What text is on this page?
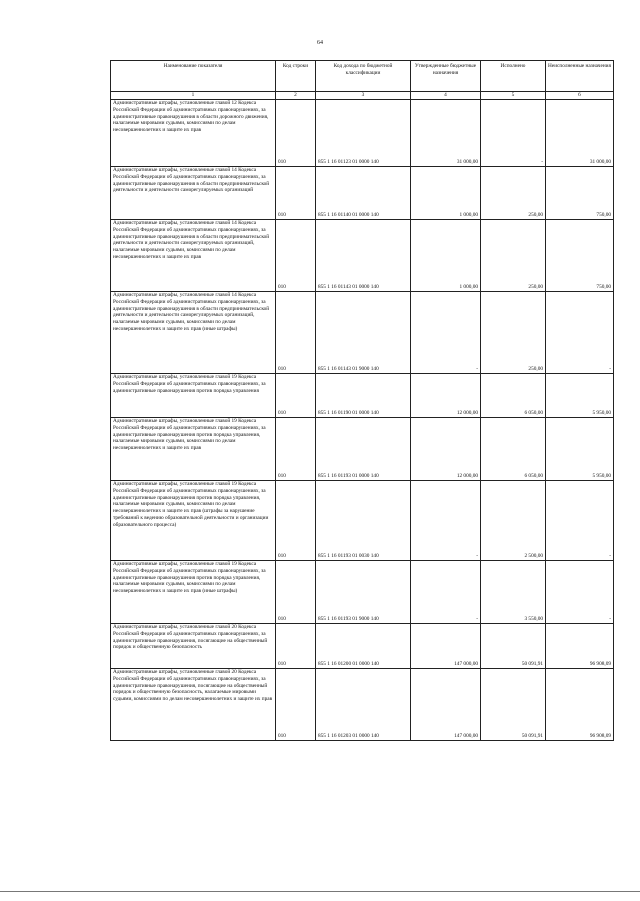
64
Наименование показателя	Код строки	Код дохода по бюджетной классификации	Утвержденные бюджетные назначения	Исполнено	Неисполненные назначения
1	2	3	4	5	6
Административные штрафы, установленные главой 12 Кодекса Российской Федерации об административных правонарушениях, за административные правонарушения в области дорожного движения, налагаемые мировыми судьями, комиссиями по делам несовершеннолетних и защите их прав	010	855 1 16 01123 01 0000 140	31 000,00	-	31 000,00
Административные штрафы, установленные главой 14 Кодекса Российской Федерации об административных правонарушениях, за административные правонарушения в области предпринимательской деятельности и деятельности саморегулируемых организаций	010	855 1 16 01140 01 0000 140	1 000,00	250,00	750,00
Административные штрафы, установленные главой 14 Кодекса Российской Федерации об административных правонарушениях, за административные правонарушения в области предпринимательской деятельности и деятельности саморегулируемых организаций, налагаемые мировыми судьями, комиссиями по делам несовершеннолетних и защите их прав	010	855 1 16 01143 01 0000 140	1 000,00	250,00	750,00
Административные штрафы, установленные главой 14 Кодекса Российской Федерации об административных правонарушениях, за административные правонарушения в области предпринимательской деятельности и деятельности саморегулируемых организаций, налагаемые мировыми судьями, комиссиями по делам несовершеннолетних и защите их прав (иные штрафы)	010	855 1 16 01143 01 9000 140	-	250,00	-
Административные штрафы, установленные главой 19 Кодекса Российской Федерации об административных правонарушениях, за административные правонарушения против порядка управления	010	855 1 16 01190 01 0000 140	12 000,00	6 050,00	5 950,00
Административные штрафы, установленные главой 19 Кодекса Российской Федерации об административных правонарушениях, за административные правонарушения против порядка управления, налагаемые мировыми судьями, комиссиями по делам несовершеннолетних и защите их прав	010	855 1 16 01193 01 0000 140	12 000,00	6 050,00	5 950,00
Административные штрафы, установленные главой 19 Кодекса Российской Федерации об административных правонарушениях, за административные правонарушения против порядка управления, налагаемые мировыми судьями, комиссиями по делам несовершеннолетних и защите их прав (штрафы за нарушение требований к ведению образовательной деятельности и организации образовательного процесса)	010	855 1 16 01193 01 0030 140	-	2 500,00	-
Административные штрафы, установленные главой 19 Кодекса Российской Федерации об административных правонарушениях, за административные правонарушения против порядка управления, налагаемые мировыми судьями, комиссиями по делам несовершеннолетних и защите их прав (иные штрафы)	010	855 1 16 01193 01 9000 140	-	3 550,00	-
Административные штрафы, установленные главой 20 Кодекса Российской Федерации об административных правонарушениях, за административные правонарушения, посягающие на общественный порядок и общественную безопасность	010	855 1 16 01200 01 0000 140	147 000,00	50 091,91	96 908,09
Административные штрафы, установленные главой 20 Кодекса Российской Федерации об административных правонарушениях, за административные правонарушения, посягающие на общественный порядок и общественную безопасность, налагаемые мировыми судьями, комиссиями по делам несовершеннолетних и защите их прав	010	855 1 16 01203 01 0000 140	147 000,00	50 091,91	96 908,09
